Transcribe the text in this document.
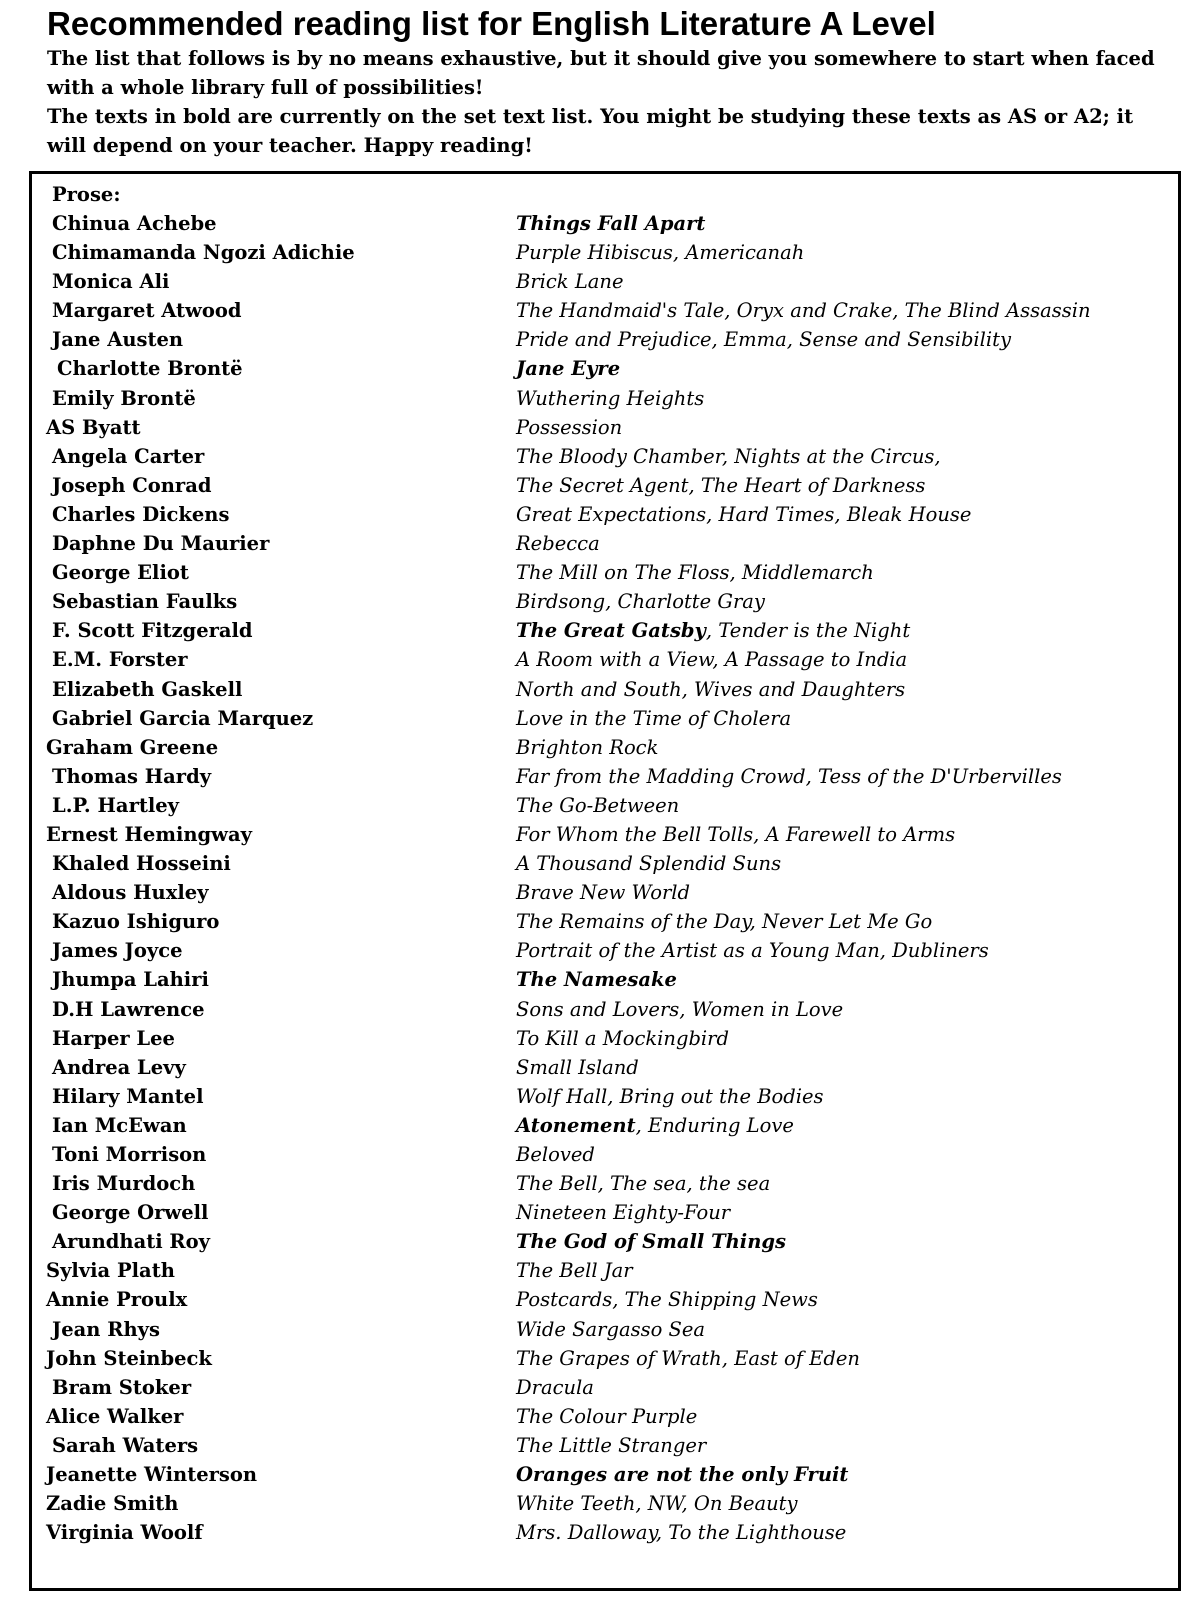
Recommended reading list for English Literature A Level

The list that follows is by no means exhaustive, but it should give you somewhere to start when faced with a whole library full of possibilities!

The texts in bold are currently on the set text list. You might be studying these texts as AS or A2; it will depend on your teacher. Happy reading!

Prose:
Chinua Achebe	Things Fall Apart
Chimamanda Ngozi Adichie	Purple Hibiscus, Americanah
Monica Ali	Brick Lane
Margaret Atwood	The Handmaid's Tale, Oryx and Crake, The Blind Assassin
Jane Austen	Pride and Prejudice, Emma, Sense and Sensibility
Charlotte Brontë	Jane Eyre
Emily Brontë	Wuthering Heights
AS Byatt	Possession
Angela Carter	The Bloody Chamber, Nights at the Circus,
Joseph Conrad	The Secret Agent, The Heart of Darkness
Charles Dickens	Great Expectations, Hard Times, Bleak House
Daphne Du Maurier	Rebecca
George Eliot	The Mill on The Floss, Middlemarch
Sebastian Faulks	Birdsong, Charlotte Gray
F. Scott Fitzgerald	The Great Gatsby, Tender is the Night
E.M. Forster	A Room with a View, A Passage to India
Elizabeth Gaskell	North and South, Wives and Daughters
Gabriel Garcia Marquez	Love in the Time of Cholera
Graham Greene	Brighton Rock
Thomas Hardy	Far from the Madding Crowd, Tess of the D'Urbervilles
L.P. Hartley	The Go-Between
Ernest Hemingway	For Whom the Bell Tolls, A Farewell to Arms
Khaled Hosseini	A Thousand Splendid Suns
Aldous Huxley	Brave New World
Kazuo Ishiguro	The Remains of the Day, Never Let Me Go
James Joyce	Portrait of the Artist as a Young Man, Dubliners
Jhumpa Lahiri	The Namesake
D.H Lawrence	Sons and Lovers, Women in Love
Harper Lee	To Kill a Mockingbird
Andrea Levy	Small Island
Hilary Mantel	Wolf Hall, Bring out the Bodies
Ian McEwan	Atonement, Enduring Love
Toni Morrison	Beloved
Iris Murdoch	The Bell, The sea, the sea
George Orwell	Nineteen Eighty-Four
Arundhati Roy	The God of Small Things
Sylvia Plath	The Bell Jar
Annie Proulx	Postcards, The Shipping News
Jean Rhys	Wide Sargasso Sea
John Steinbeck	The Grapes of Wrath, East of Eden
Bram Stoker	Dracula
Alice Walker	The Colour Purple
Sarah Waters	The Little Stranger
Jeanette Winterson	Oranges are not the only Fruit
Zadie Smith	White Teeth, NW, On Beauty
Virginia Woolf	Mrs. Dalloway, To the Lighthouse
